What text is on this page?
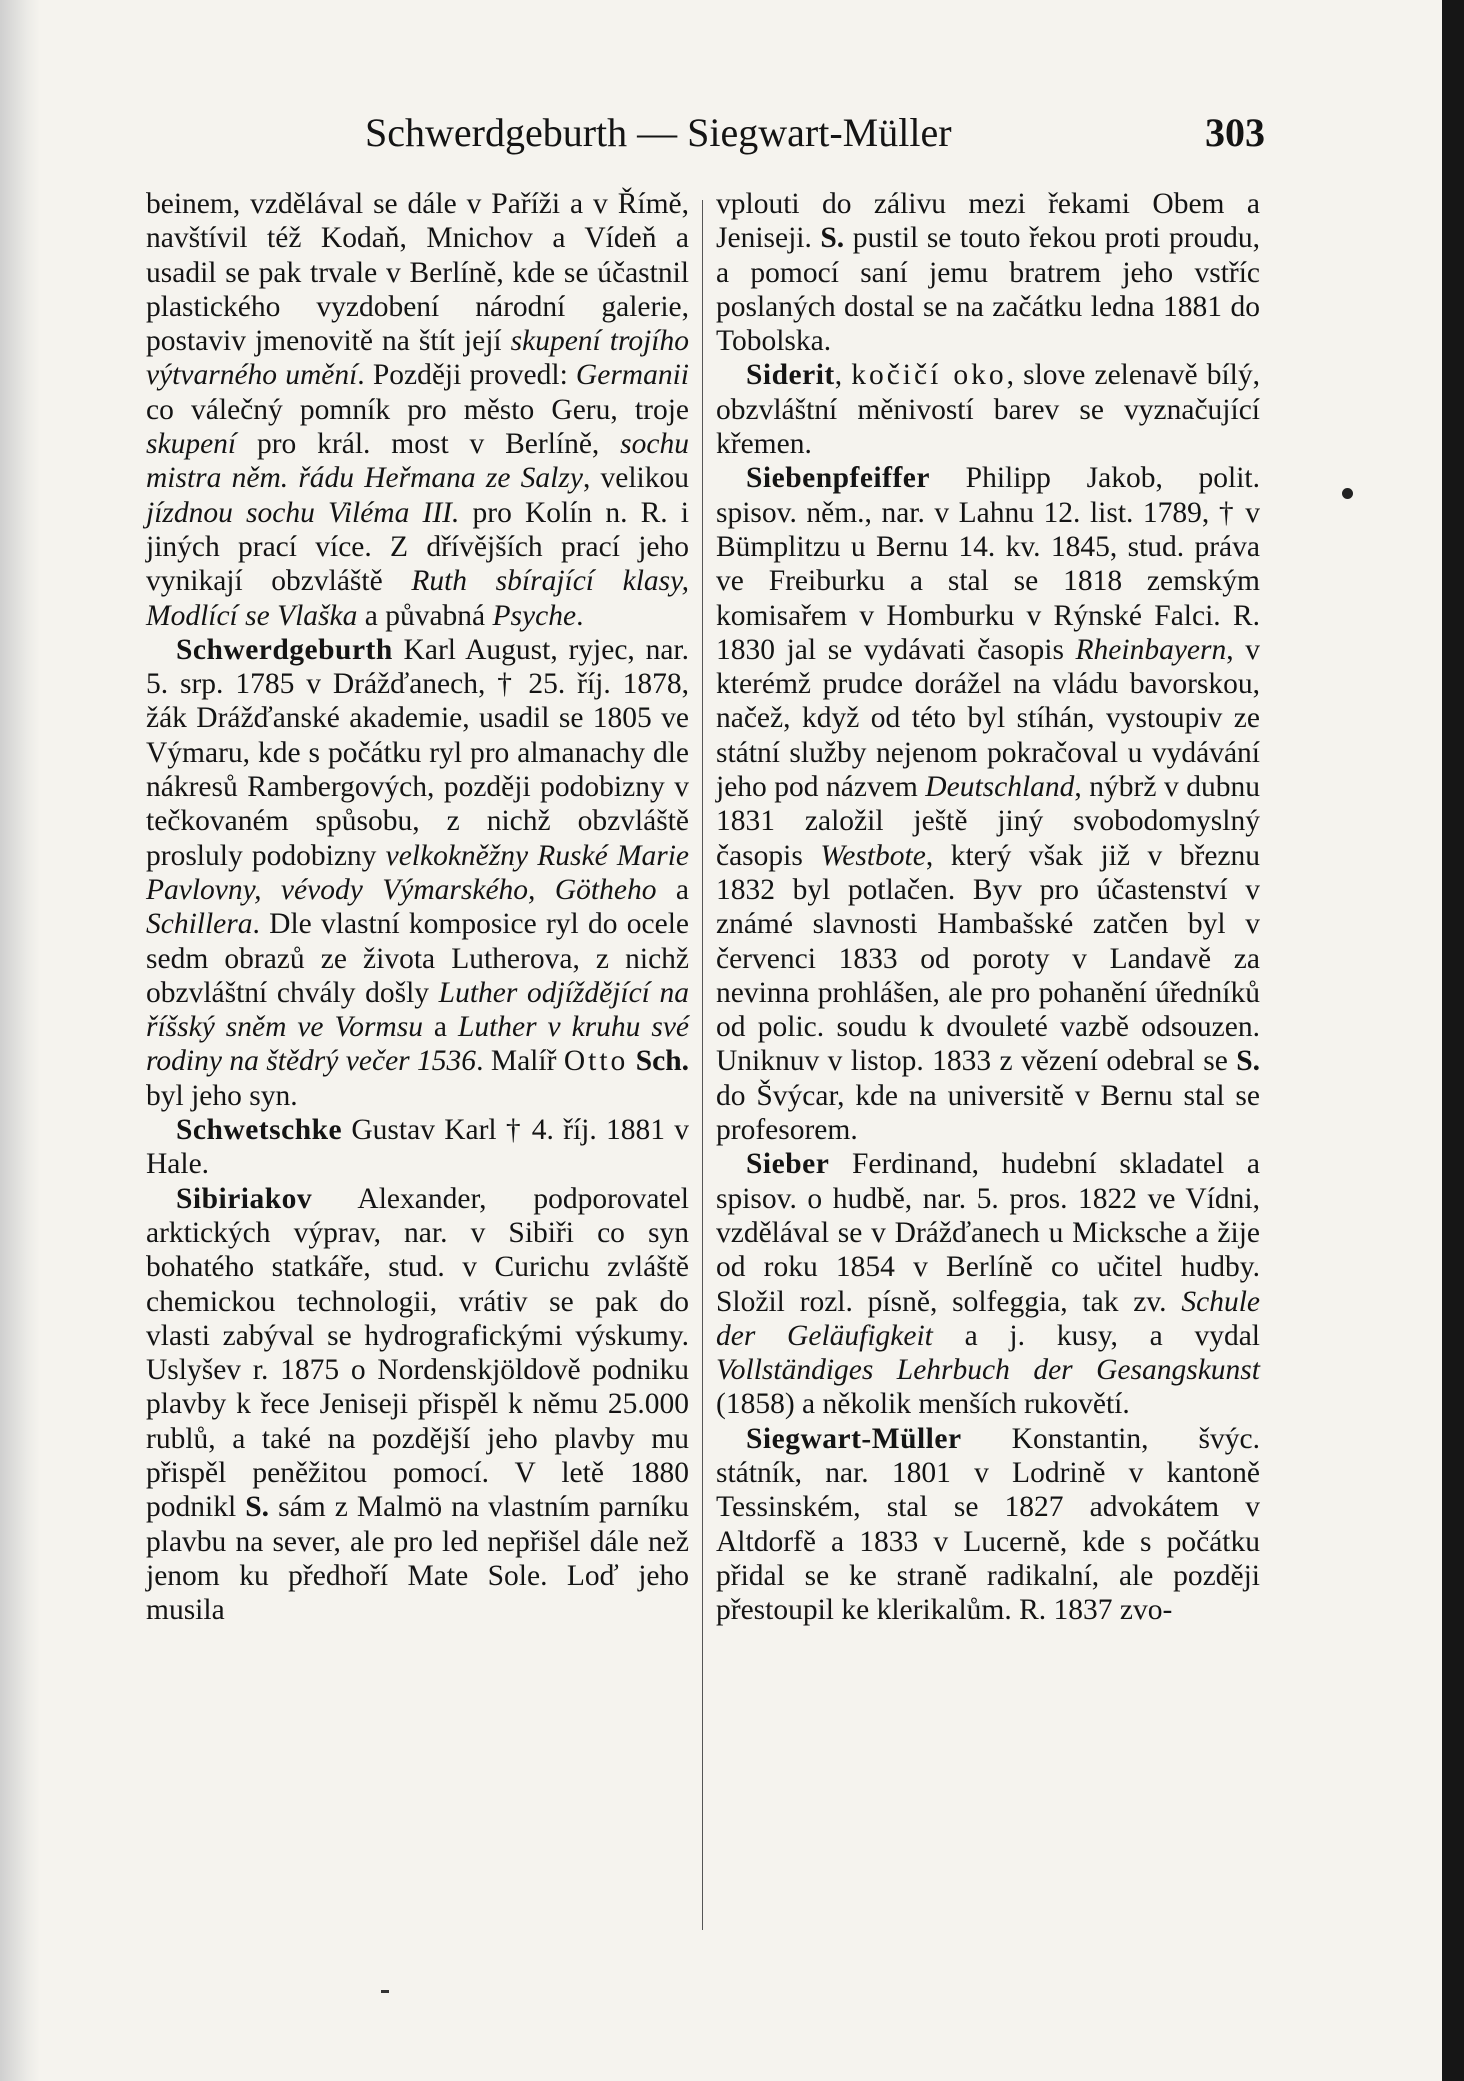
Schwerdgeburth — Siegwart-Müller	303

beinem, vzdělával se dále v Paříži a v Římě, navštívil též Kodaň, Mnichov a Vídeň a usadil se pak trvale v Berlíně, kde se účastnil plastického vyzdobení národní galerie, postaviv jmenovitě na štít její skupení trojího výtvarného umění. Později provedl: Germanii co válečný pomník pro město Geru, troje skupení pro král. most v Berlíně, sochu mistra něm. řádu Heřmana ze Salzy, velikou jízdnou sochu Viléma III. pro Kolín n. R. i jiných prací více. Z dřívějších prací jeho vynikají obzvláště Ruth sbírající klasy, Modlící se Vlaška a půvabná Psyche.

Schwerdgeburth Karl August, ryjec, nar. 5. srp. 1785 v Drážďanech, † 25. říj. 1878, žák Drážďanské akademie, usadil se 1805 ve Výmaru, kde s počátku ryl pro almanachy dle nákresů Rambergových, později podobizny v tečkovaném spůsobu, z nichž obzvláště prosluly podobizny velkokněžny Ruské Marie Pavlovny, vévody Výmarského, Götheho a Schillera. Dle vlastní komposice ryl do ocele sedm obrazů ze života Lutherova, z nichž obzvláštní chvály došly Luther odjíždějící na říšský sněm ve Vormsu a Luther v kruhu své rodiny na štědrý večer 1536. Malíř Otto Sch. byl jeho syn.

Schwetschke Gustav Karl † 4. říj. 1881 v Hale.

Sibiriakov Alexander, podporovatel arktických výprav, nar. v Sibiři co syn bohatého statkáře, stud. v Curichu zvláště chemickou technologii, vrátiv se pak do vlasti zabýval se hydrografickými výskumy. Uslyšev r. 1875 o Nordenskjöldově podniku plavby k řece Jeniseji přispěl k němu 25.000 rublů, a také na pozdější jeho plavby mu přispěl peněžitou pomocí. V letě 1880 podnikl S. sám z Malmö na vlastním parníku plavbu na sever, ale pro led nepřišel dále než jenom ku předhoří Mate Sole. Loď jeho musila

vplouti do zálivu mezi řekami Obem a Jeniseji. S. pustil se touto řekou proti proudu, a pomocí saní jemu bratrem jeho vstříc poslaných dostal se na začátku ledna 1881 do Tobolska.

Siderit, kočičí oko, slove zelenavě bílý, obzvláštní měnivostí barev se vyznačující křemen.

Siebenpfeiffer Philipp Jakob, polit. spisov. něm., nar. v Lahnu 12. list. 1789, † v Bümplitzu u Bernu 14. kv. 1845, stud. práva ve Freiburku a stal se 1818 zemským komisařem v Homburku v Rýnské Falci. R. 1830 jal se vydávati časopis Rheinbayern, v kterémž prudce dorážel na vládu bavorskou, načež, když od této byl stíhán, vystoupiv ze státní služby nejenom pokračoval u vydávání jeho pod názvem Deutschland, nýbrž v dubnu 1831 založil ještě jiný svobodomyslný časopis Westbote, který však již v březnu 1832 byl potlačen. Byv pro účastenství v známé slavnosti Hambašské zatčen byl v červenci 1833 od poroty v Landavě za nevinna prohlášen, ale pro pohanění úředníků od polic. soudu k dvouleté vazbě odsouzen. Uniknuv v listop. 1833 z vězení odebral se S. do Švýcar, kde na universitě v Bernu stal se profesorem.

Sieber Ferdinand, hudební skladatel a spisov. o hudbě, nar. 5. pros. 1822 ve Vídni, vzdělával se v Drážďanech u Micksche a žije od roku 1854 v Berlíně co učitel hudby. Složil rozl. písně, solfeggia, tak zv. Schule der Geläufigkeit a j. kusy, a vydal Vollständiges Lehrbuch der Gesangskunst (1858) a několik menších rukovětí.

Siegwart-Müller Konstantin, švýc. státník, nar. 1801 v Lodrině v kantoně Tessinském, stal se 1827 advokátem v Altdorfě a 1833 v Lucerně, kde s počátku přidal se ke straně radikalní, ale později přestoupil ke klerikalům. R. 1837 zvo-
